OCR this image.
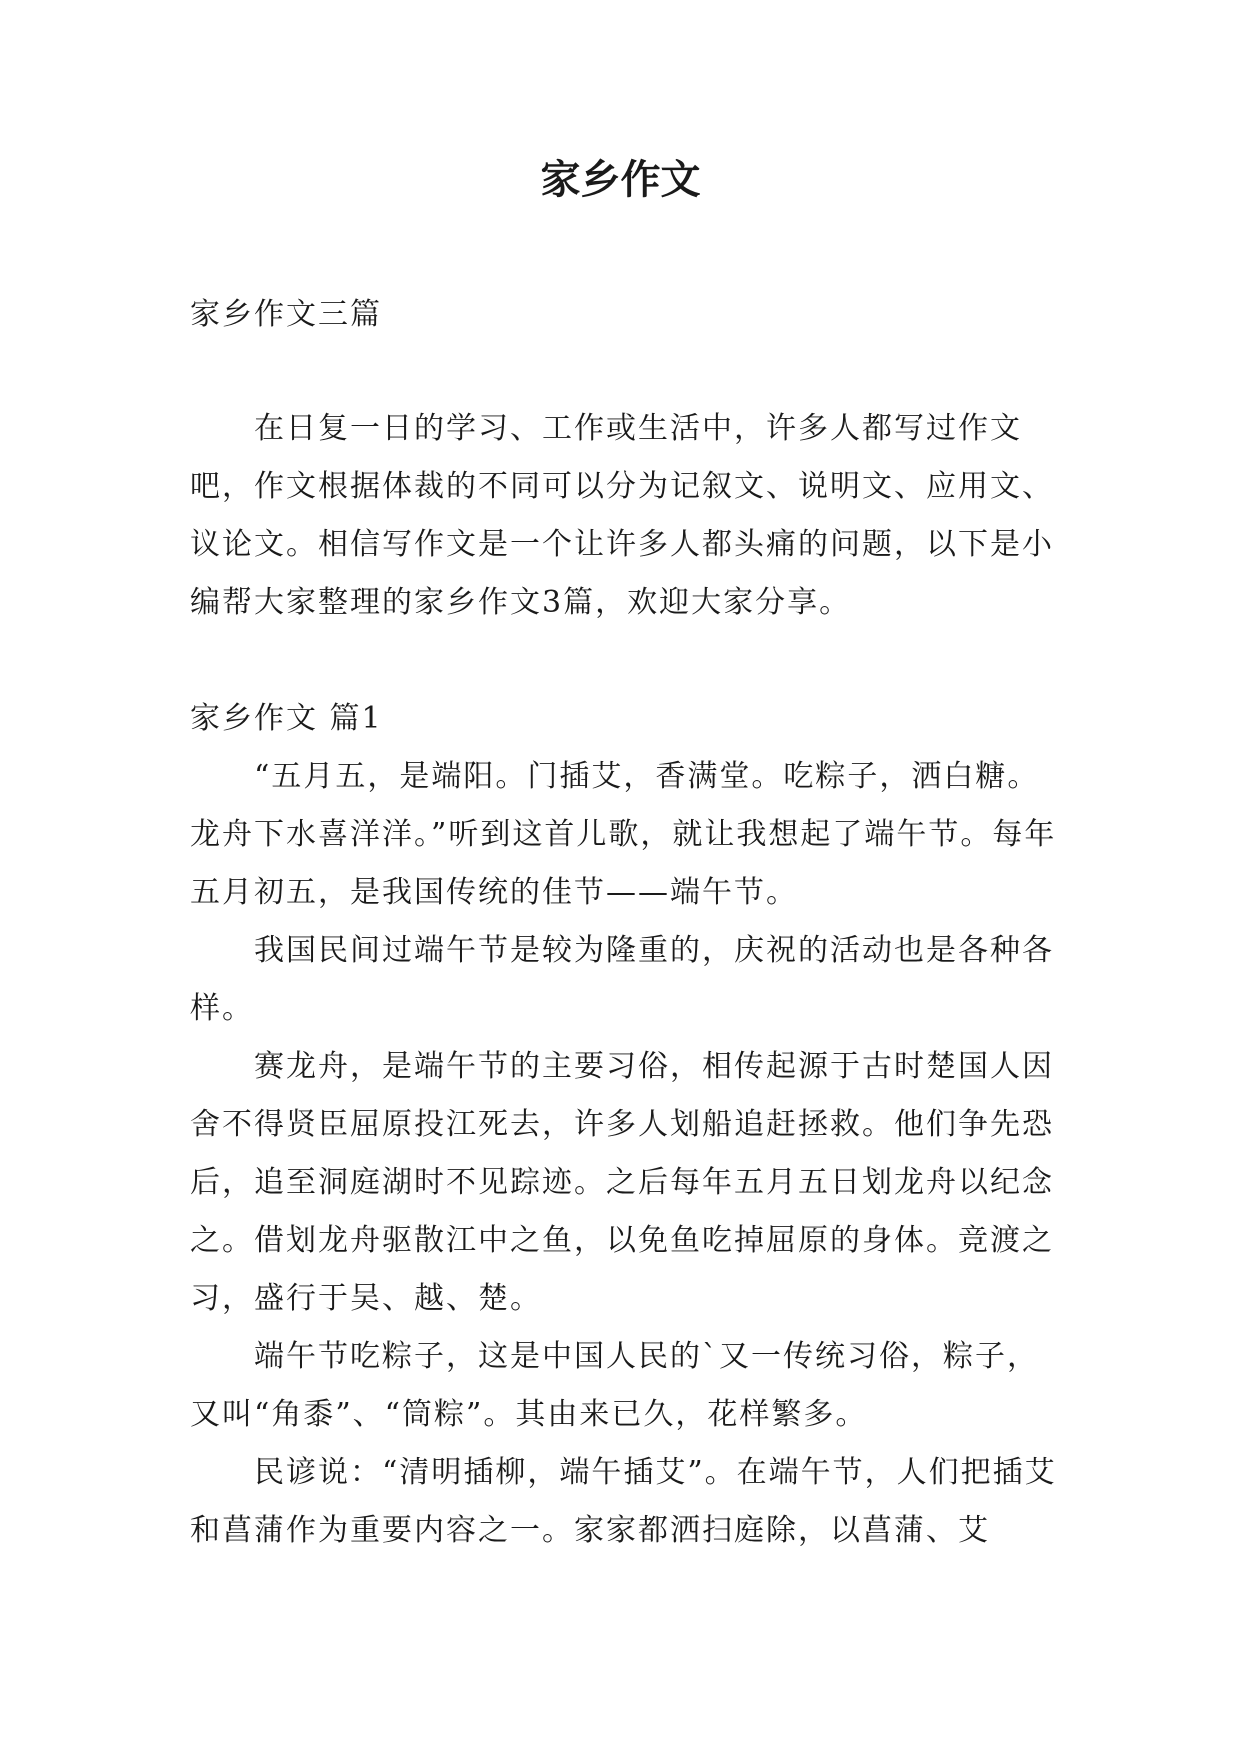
家乡作文

家乡作文三篇

在日复一日的学习、工作或生活中，许多人都写过作文吧，作文根据体裁的不同可以分为记叙文、说明文、应用文、议论文。相信写作文是一个让许多人都头痛的问题，以下是小编帮大家整理的家乡作文3篇，欢迎大家分享。

家乡作文 篇1

“五月五，是端阳。门插艾，香满堂。吃粽子，洒白糖。龙舟下水喜洋洋。”听到这首儿歌，就让我想起了端午节。每年五月初五，是我国传统的佳节——端午节。

我国民间过端午节是较为隆重的，庆祝的活动也是各种各样。

赛龙舟，是端午节的主要习俗，相传起源于古时楚国人因舍不得贤臣屈原投江死去，许多人划船追赶拯救。他们争先恐后，追至洞庭湖时不见踪迹。之后每年五月五日划龙舟以纪念之。借划龙舟驱散江中之鱼，以免鱼吃掉屈原的身体。竞渡之习，盛行于吴、越、楚。

端午节吃粽子，这是中国人民的`又一传统习俗，粽子，又叫“角黍”、“筒粽”。其由来已久，花样繁多。

民谚说：“清明插柳，端午插艾”。在端午节，人们把插艾和菖蒲作为重要内容之一。家家都洒扫庭除，以菖蒲、艾
